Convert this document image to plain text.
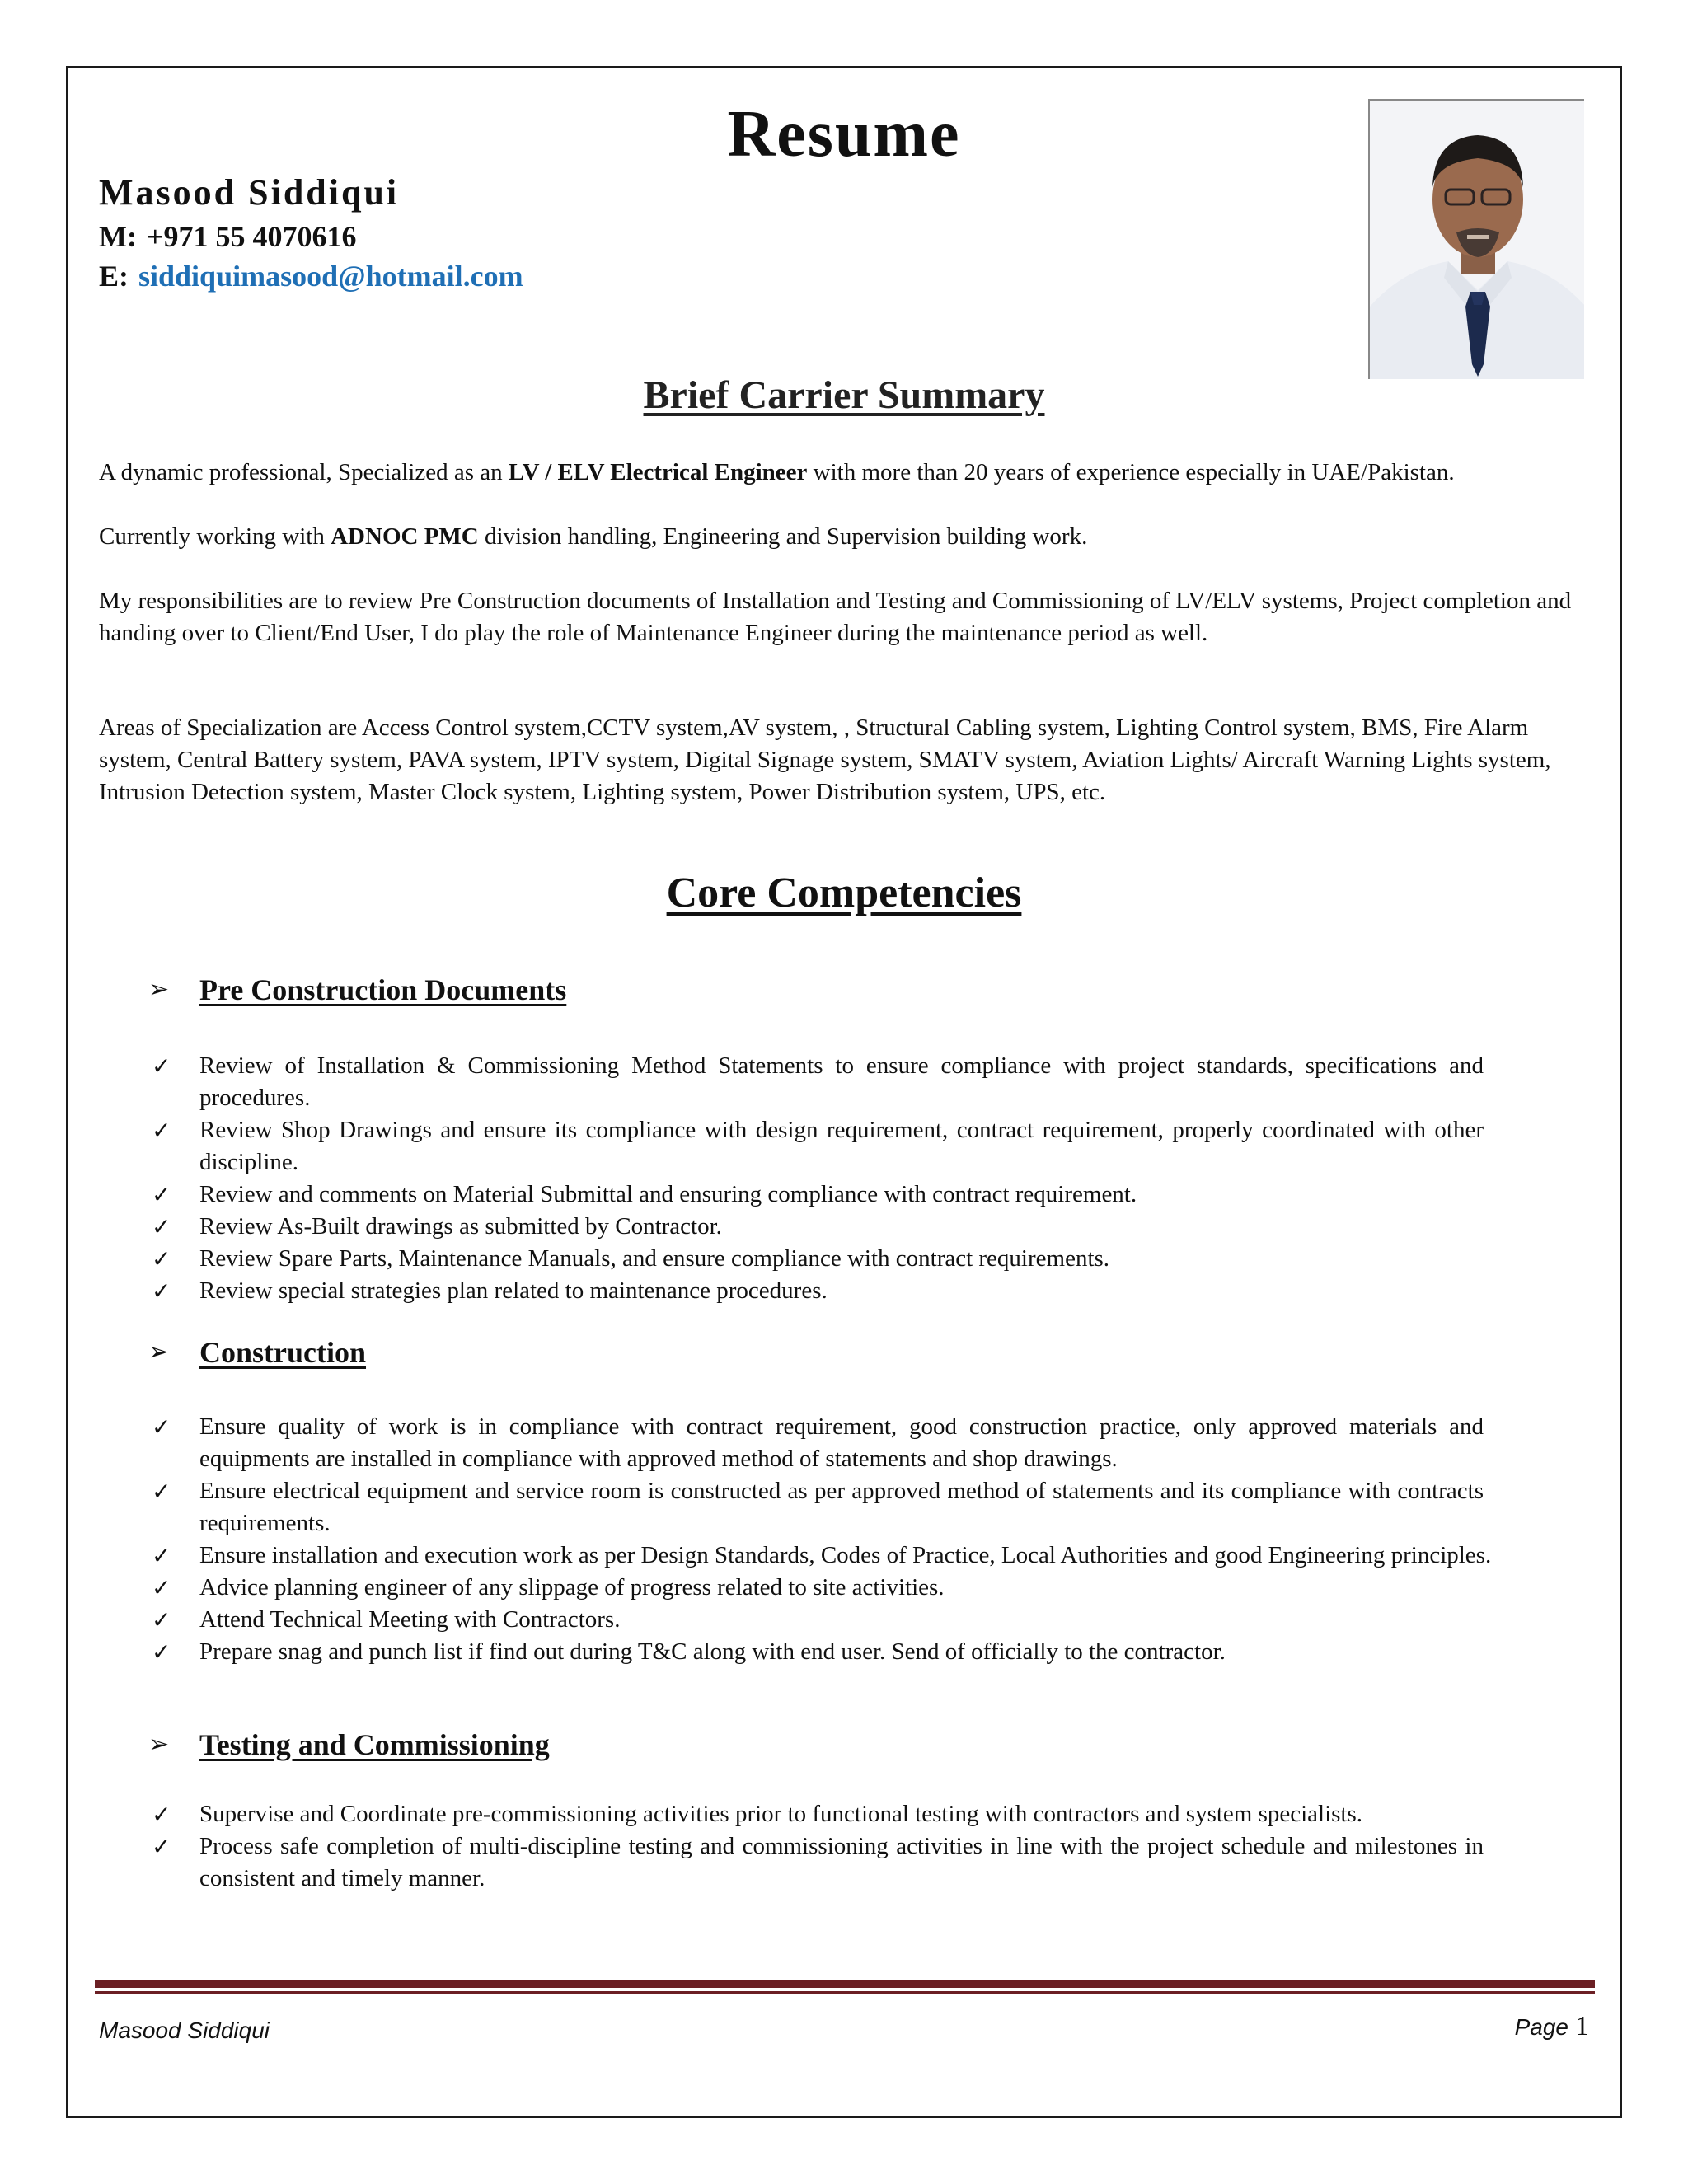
Resume
Masood Siddiqui
M: +971 55 4070616
E: siddiquimasood@hotmail.com
Brief Carrier Summary

A dynamic professional, Specialized as an LV / ELV Electrical Engineer with more than 20 years of experience especially in UAE/Pakistan.

Currently working with ADNOC PMC division handling, Engineering and Supervision building work.

My responsibilities are to review Pre Construction documents of Installation and Testing and Commissioning of LV/ELV systems, Project completion and handing over to Client/End User, I do play the role of Maintenance Engineer during the maintenance period as well.

Areas of Specialization are Access Control system,CCTV system,AV system, , Structural Cabling system, Lighting Control system, BMS, Fire Alarm system, Central Battery system, PAVA system, IPTV system, Digital Signage system, SMATV system, Aviation Lights/ Aircraft Warning Lights system, Intrusion Detection system, Master Clock system, Lighting system, Power Distribution system, UPS, etc.

Core Competencies
➢ Pre Construction Documents
✓ Review of Installation & Commissioning Method Statements to ensure compliance with project standards, specifications and procedures.
✓ Review Shop Drawings and ensure its compliance with design requirement, contract requirement, properly coordinated with other discipline.
✓ Review and comments on Material Submittal and ensuring compliance with contract requirement.
✓ Review As-Built drawings as submitted by Contractor.
✓ Review Spare Parts, Maintenance Manuals, and ensure compliance with contract requirements.
✓ Review special strategies plan related to maintenance procedures.
➢ Construction
✓ Ensure quality of work is in compliance with contract requirement, good construction practice, only approved materials and equipments are installed in compliance with approved method of statements and shop drawings.
✓ Ensure electrical equipment and service room is constructed as per approved method of statements and its compliance with contracts requirements.
✓ Ensure installation and execution work as per Design Standards, Codes of Practice, Local Authorities and good Engineering principles.
✓ Advice planning engineer of any slippage of progress related to site activities.
✓ Attend Technical Meeting with Contractors.
✓ Prepare snag and punch list if find out during T&C along with end user. Send of officially to the contractor.
➢ Testing and Commissioning
✓ Supervise and Coordinate pre-commissioning activities prior to functional testing with contractors and system specialists.
✓ Process safe completion of multi-discipline testing and commissioning activities in line with the project schedule and milestones in consistent and timely manner.
Masood Siddiqui	Page 1
